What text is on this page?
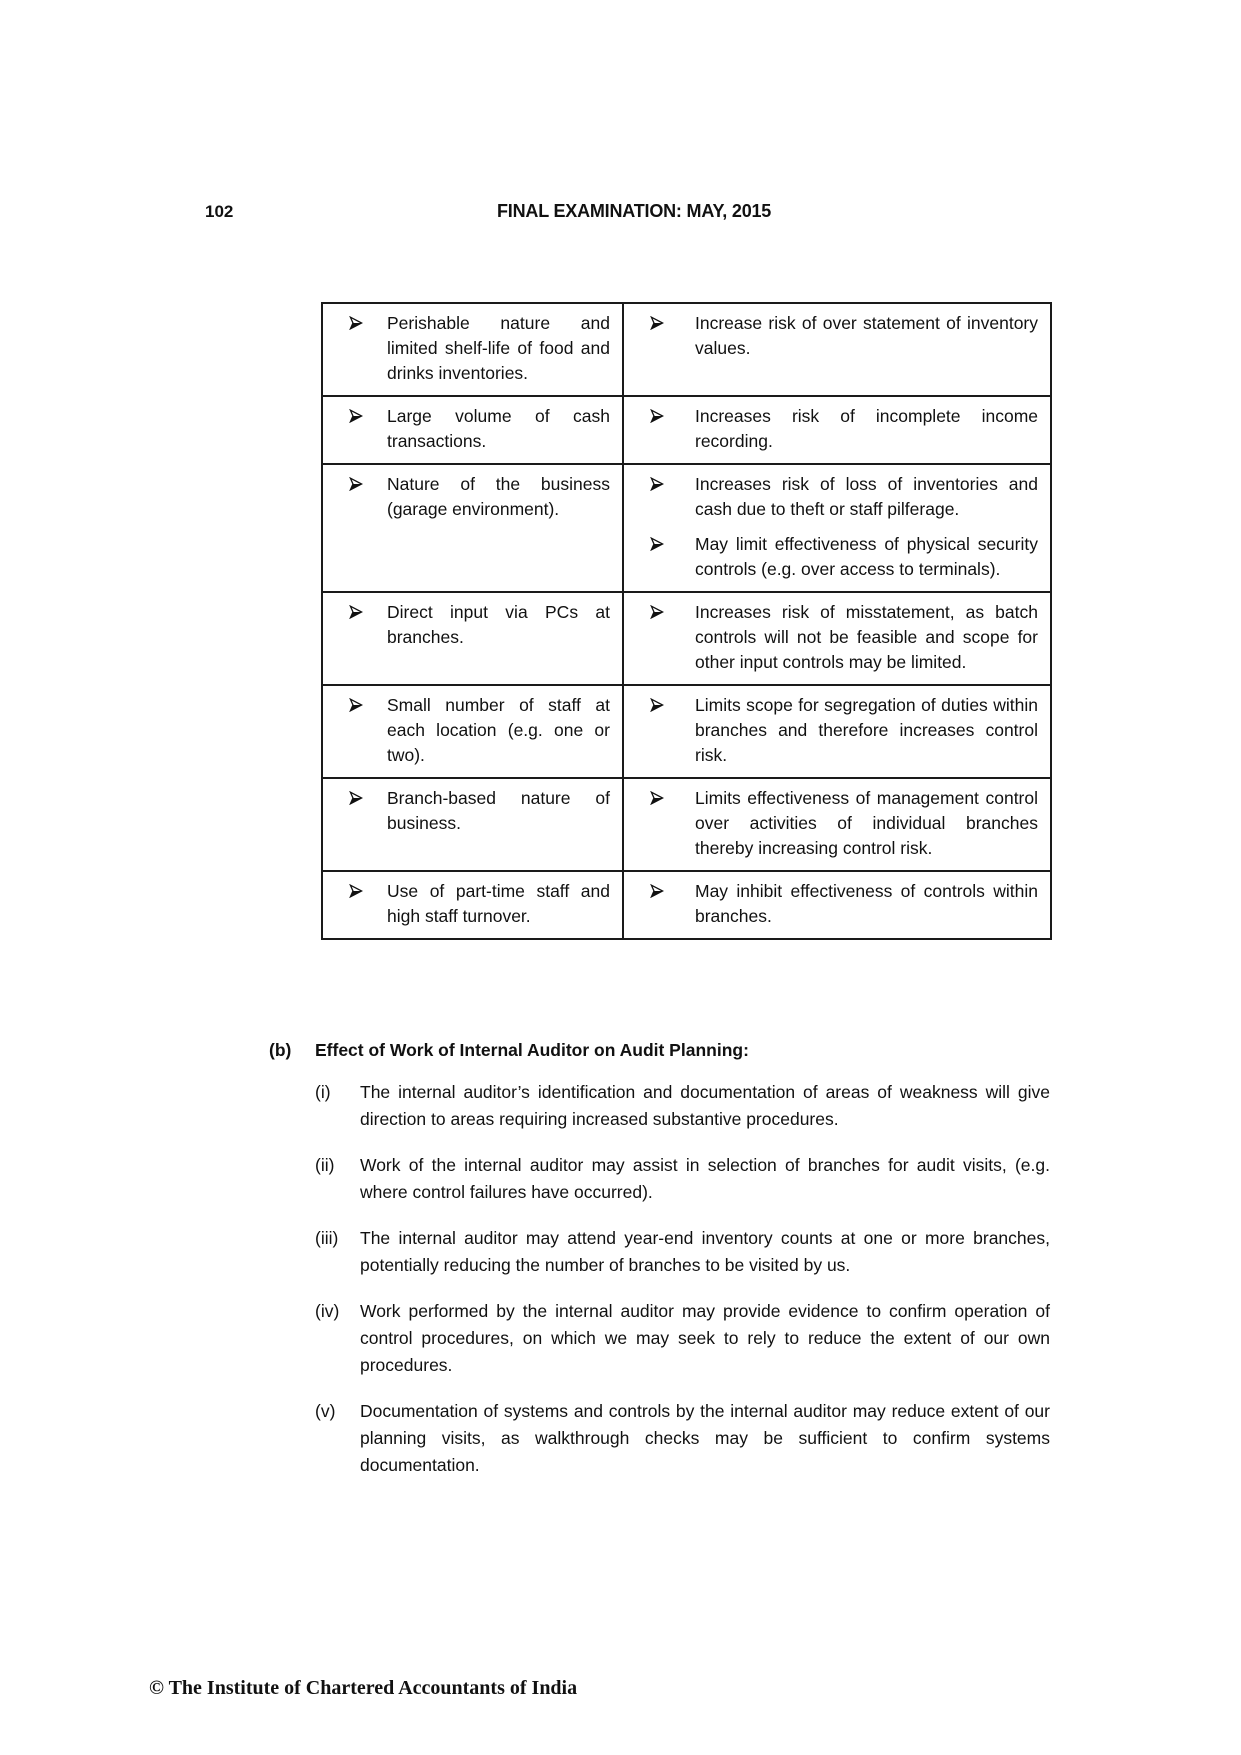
102	FINAL EXAMINATION: MAY, 2015
Perishable nature and limited shelf-life of food and drinks inventories.	Increase risk of over statement of inventory values.

Large volume of cash transactions.	Increases risk of incomplete income recording.

Nature of the business (garage environment).	Increases risk of loss of inventories and cash due to theft or staff pilferage.
May limit effectiveness of physical security controls (e.g. over access to terminals).

Direct input via PCs at branches.	Increases risk of misstatement, as batch controls will not be feasible and scope for other input controls may be limited.

Small number of staff at each location (e.g. one or two).	Limits scope for segregation of duties within branches and therefore increases control risk.

Branch-based nature of business.	Limits effectiveness of management control over activities of individual branches thereby increasing control risk.

Use of part-time staff and high staff turnover.	May inhibit effectiveness of controls within branches.
(b)	Effect of Work of Internal Auditor on Audit Planning:
(i)	The internal auditor’s identification and documentation of areas of weakness will give direction to areas requiring increased substantive procedures.
(ii)	Work of the internal auditor may assist in selection of branches for audit visits, (e.g. where control failures have occurred).
(iii)	The internal auditor may attend year-end inventory counts at one or more branches, potentially reducing the number of branches to be visited by us.
(iv)	Work performed by the internal auditor may provide evidence to confirm operation of control procedures, on which we may seek to rely to reduce the extent of our own procedures.
(v)	Documentation of systems and controls by the internal auditor may reduce extent of our planning visits, as walkthrough checks may be sufficient to confirm systems documentation.
© The Institute of Chartered Accountants of India
